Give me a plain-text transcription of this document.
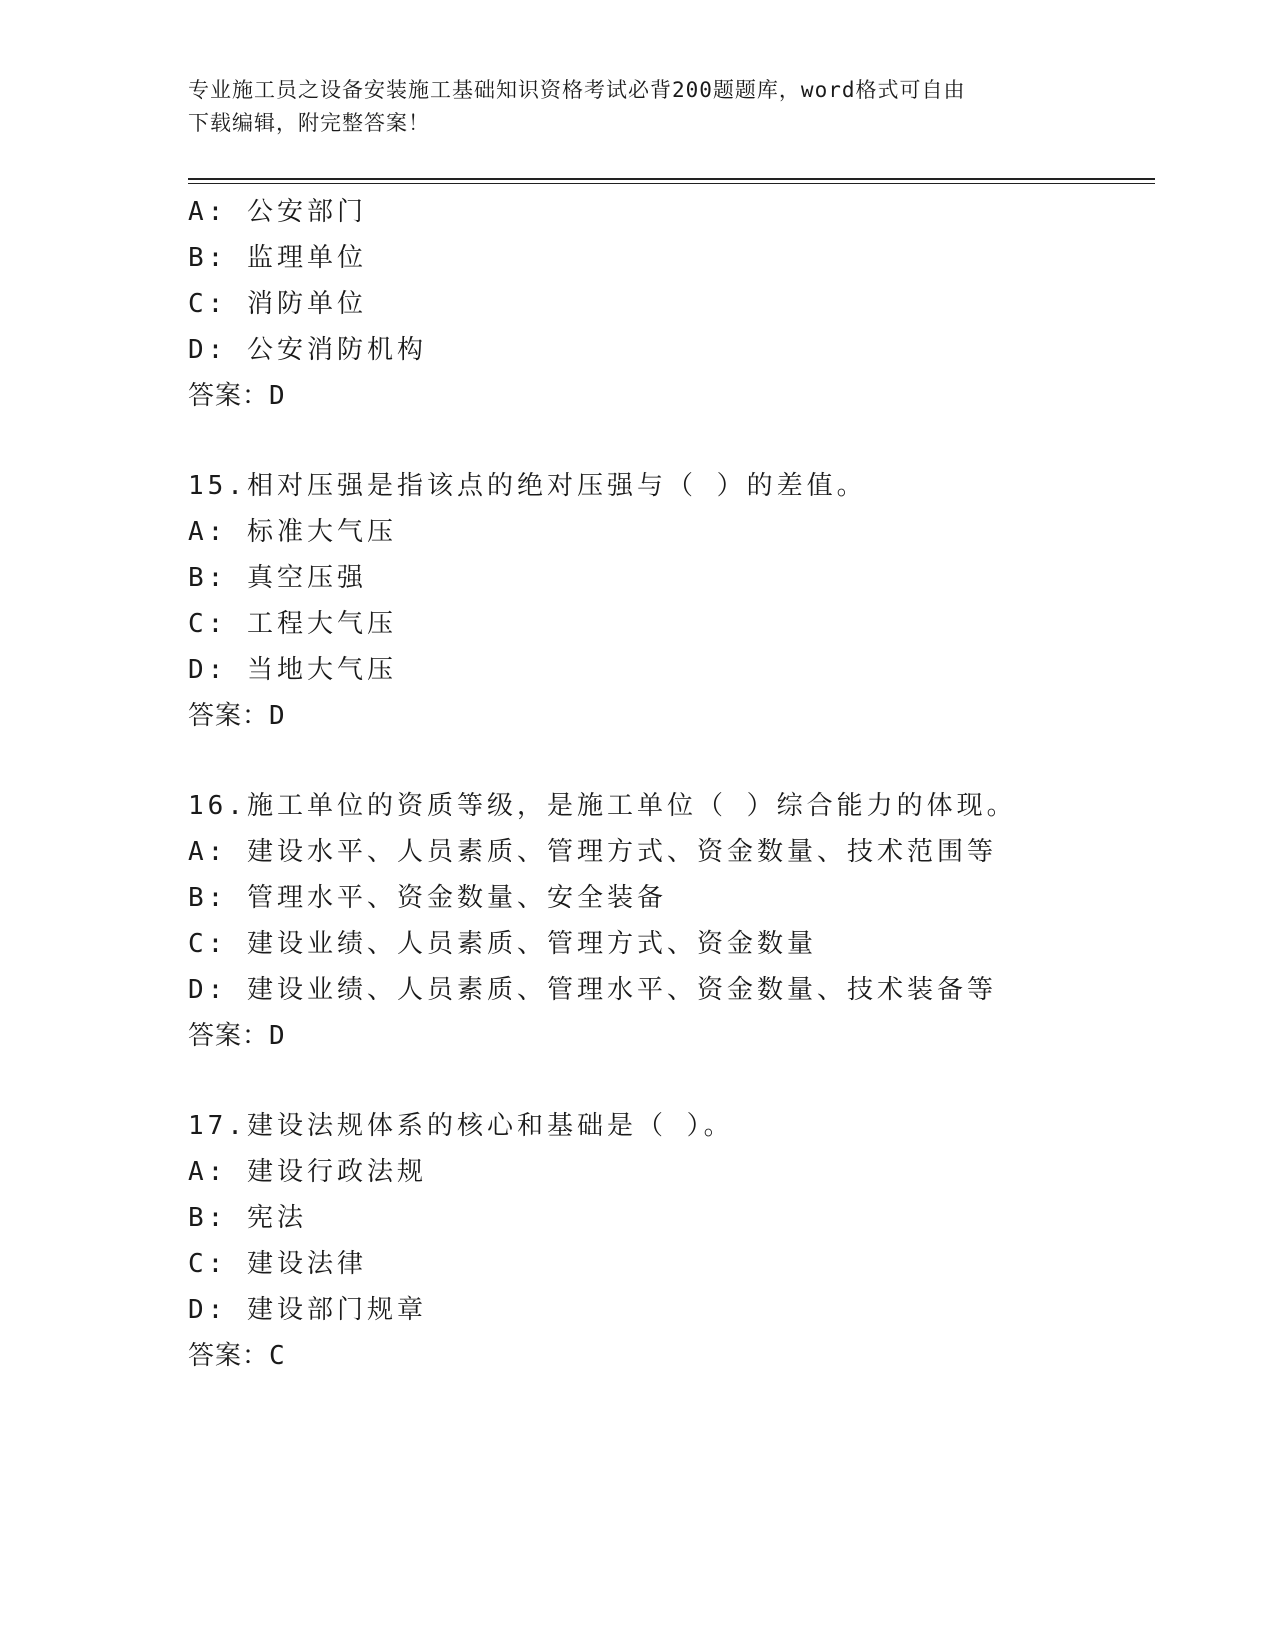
专业施工员之设备安装施工基础知识资格考试必背200题题库，word格式可自由
下载编辑，附完整答案！
A: 公安部门
B: 监理单位
C: 消防单位
D: 公安消防机构
答案：D
15.相对压强是指该点的绝对压强与（ ）的差值。
A: 标准大气压
B: 真空压强
C: 工程大气压
D: 当地大气压
答案：D
16.施工单位的资质等级，是施工单位（ ）综合能力的体现。
A: 建设水平、人员素质、管理方式、资金数量、技术范围等
B: 管理水平、资金数量、安全装备
C: 建设业绩、人员素质、管理方式、资金数量
D: 建设业绩、人员素质、管理水平、资金数量、技术装备等
答案：D
17.建设法规体系的核心和基础是（ ）。
A: 建设行政法规
B: 宪法
C: 建设法律
D: 建设部门规章
答案：C
